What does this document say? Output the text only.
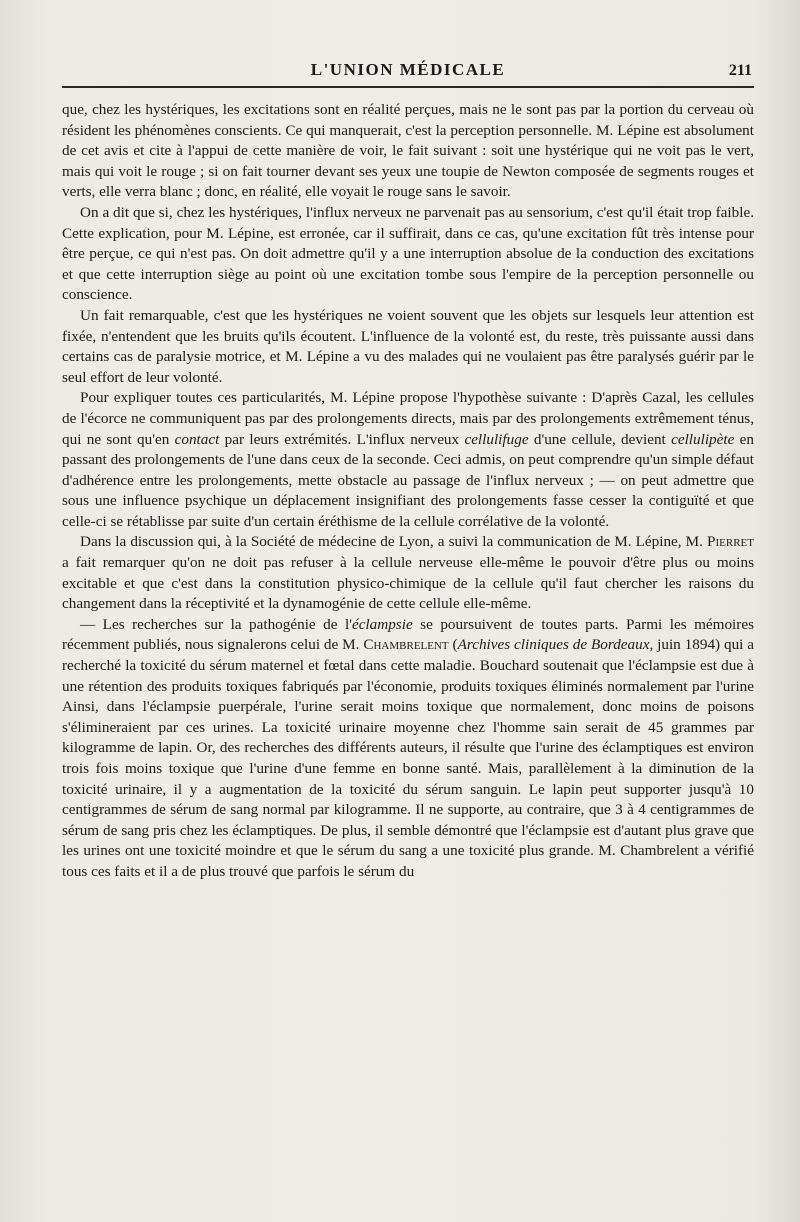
L'UNION MÉDICALE	211

que, chez les hystériques, les excitations sont en réalité perçues, mais ne le sont pas par la portion du cerveau où résident les phénomènes conscients. Ce qui manquerait, c'est la perception personnelle. M. Lépine est absolument de cet avis et cite à l'appui de cette manière de voir, le fait suivant : soit une hystérique qui ne voit pas le vert, mais qui voit le rouge ; si on fait tourner devant ses yeux une toupie de Newton composée de segments rouges et verts, elle verra blanc ; donc, en réalité, elle voyait le rouge sans le savoir.

On a dit que si, chez les hystériques, l'influx nerveux ne parvenait pas au sensorium, c'est qu'il était trop faible. Cette explication, pour M. Lépine, est erronée, car il suffirait, dans ce cas, qu'une excitation fût très intense pour être perçue, ce qui n'est pas. On doit admettre qu'il y a une interruption absolue de la conduction des excitations et que cette interruption siège au point où une excitation tombe sous l'empire de la perception personnelle ou conscience.

Un fait remarquable, c'est que les hystériques ne voient souvent que les objets sur lesquels leur attention est fixée, n'entendent que les bruits qu'ils écoutent. L'influence de la volonté est, du reste, très puissante aussi dans certains cas de paralysie motrice, et M. Lépine a vu des malades qui ne voulaient pas être paralysés guérir par le seul effort de leur volonté.

Pour expliquer toutes ces particularités, M. Lépine propose l'hypothèse suivante : D'après Cazal, les cellules de l'écorce ne communiquent pas par des prolongements directs, mais par des prolongements extrêmement ténus, qui ne sont qu'en contact par leurs extrémités. L'influx nerveux cellulifuge d'une cellule, devient cellulipète en passant des prolongements de l'une dans ceux de la seconde. Ceci admis, on peut comprendre qu'un simple défaut d'adhérence entre les prolongements, mette obstacle au passage de l'influx nerveux ; — on peut admettre que sous une influence psychique un déplacement insignifiant des prolongements fasse cesser la contiguïté et que celle-ci se rétablisse par suite d'un certain éréthisme de la cellule corrélative de la volonté.

Dans la discussion qui, à la Société de médecine de Lyon, a suivi la communication de M. Lépine, M. Pierret a fait remarquer qu'on ne doit pas refuser à la cellule nerveuse elle-même le pouvoir d'être plus ou moins excitable et que c'est dans la constitution physico-chimique de la cellule qu'il faut chercher les raisons du changement dans la réceptivité et la dynamogénie de cette cellule elle-même.

— Les recherches sur la pathogénie de l'éclampsie se poursuivent de toutes parts. Parmi les mémoires récemment publiés, nous signalerons celui de M. Chambrelent (Archives cliniques de Bordeaux, juin 1894) qui a recherché la toxicité du sérum maternel et fœtal dans cette maladie. Bouchard soutenait que l'éclampsie est due à une rétention des produits toxiques fabriqués par l'économie, produits toxiques éliminés normalement par l'urine Ainsi, dans l'éclampsie puerpérale, l'urine serait moins toxique que normalement, donc moins de poisons s'élimineraient par ces urines. La toxicité urinaire moyenne chez l'homme sain serait de 45 grammes par kilogramme de lapin. Or, des recherches des différents auteurs, il résulte que l'urine des éclamptiques est environ trois fois moins toxique que l'urine d'une femme en bonne santé. Mais, parallèlement à la diminution de la toxicité urinaire, il y a augmentation de la toxicité du sérum sanguin. Le lapin peut supporter jusqu'à 10 centigrammes de sérum de sang normal par kilogramme. Il ne supporte, au contraire, que 3 à 4 centigrammes de sérum de sang pris chez les éclamptiques. De plus, il semble démontré que l'éclampsie est d'autant plus grave que les urines ont une toxicité moindre et que le sérum du sang a une toxicité plus grande. M. Chambrelent a vérifié tous ces faits et il a de plus trouvé que parfois le sérum du
